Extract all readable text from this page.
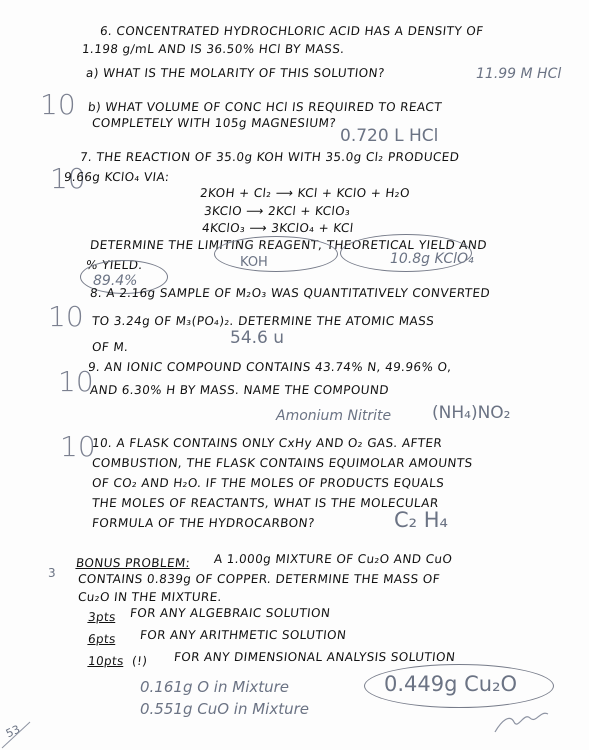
6. CONCENTRATED HYDROCHLORIC ACID HAS A DENSITY OF
1.198 g/mL AND IS 36.50% HCl BY MASS.
a) WHAT IS THE MOLARITY OF THIS SOLUTION?	11.99 M HCl
10 b) WHAT VOLUME OF CONC HCl IS REQUIRED TO REACT
COMPLETELY WITH 105g MAGNESIUM?
0.720 L HCl
10
7. THE REACTION OF 35.0g KOH WITH 35.0g Cl₂ PRODUCED
9.66g KClO₄ VIA:
2KOH + Cl₂ ⟶ KCl + KClO + H₂O
3KClO ⟶ 2KCl + KClO₃
4KClO₃ ⟶ 3KClO₄ + KCl
DETERMINE THE LIMITING REAGENT, THEORETICAL YIELD AND
% YIELD.	KOH	10.8g KClO₄
89.4%
10
8. A 2.16g SAMPLE OF M₂O₃ WAS QUANTITATIVELY CONVERTED
TO 3.24g OF M₃(PO₄)₂. DETERMINE THE ATOMIC MASS
OF M.	54.6 u
10
9. AN IONIC COMPOUND CONTAINS 43.74% N, 49.96% O,
AND 6.30% H BY MASS. NAME THE COMPOUND
Amonium Nitrite (NH₄)NO₂
10
10. A FLASK CONTAINS ONLY CxHy AND O₂ GAS. AFTER
COMBUSTION, THE FLASK CONTAINS EQUIMOLAR AMOUNTS
OF CO₂ AND H₂O. IF THE MOLES OF PRODUCTS EQUALS
THE MOLES OF REACTANTS, WHAT IS THE MOLECULAR
FORMULA OF THE HYDROCARBON?	C₂ H₄
3
BONUS PROBLEM: A 1.000g MIXTURE OF Cu₂O AND CuO
CONTAINS 0.839g OF COPPER. DETERMINE THE MASS OF
Cu₂O IN THE MIXTURE.
3pts FOR ANY ALGEBRAIC SOLUTION
6pts FOR ANY ARITHMETIC SOLUTION
10pts (!) FOR ANY DIMENSIONAL ANALYSIS SOLUTION
0.161g O in Mixture
0.551g CuO in Mixture
0.449g Cu₂O
53
